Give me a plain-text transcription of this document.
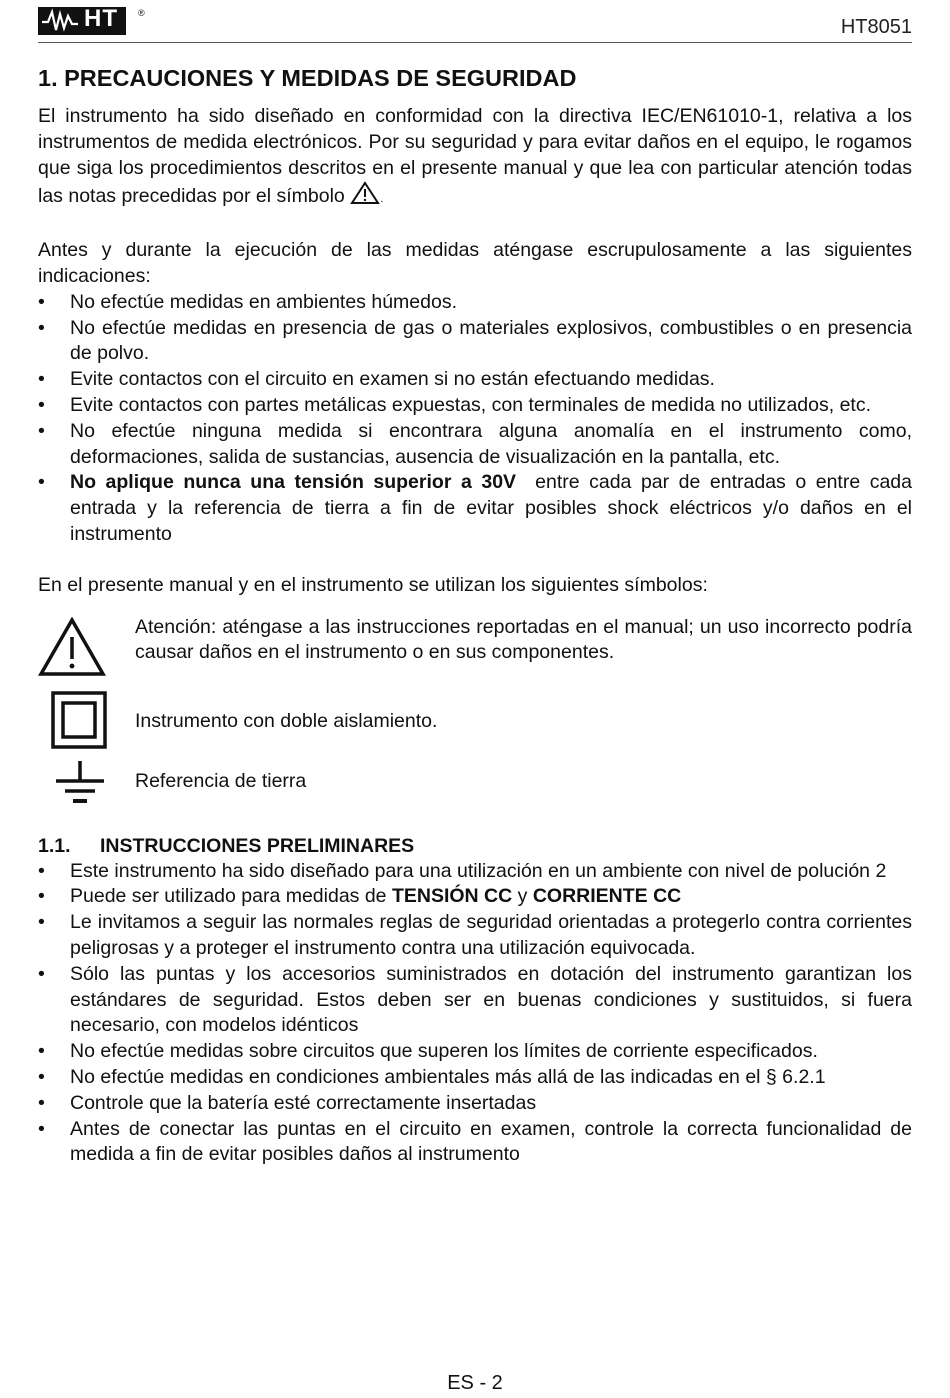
HT ®
HT8051
1. PRECAUCIONES Y MEDIDAS DE SEGURIDAD

El instrumento ha sido diseñado en conformidad con la directiva IEC/EN61010-1, relativa a los instrumentos de medida electrónicos. Por su seguridad y para evitar daños en el equipo, le rogamos que siga los procedimientos descritos en el presente manual y que lea con particular atención todas las notas precedidas por el símbolo	.

Antes y durante la ejecución de las medidas aténgase escrupulosamente a las siguientes indicaciones:

• No efectúe medidas en ambientes húmedos.
• No efectúe medidas en presencia de gas o materiales explosivos, combustibles o en presencia de polvo.
• Evite contactos con el circuito en examen si no están efectuando medidas.
• Evite contactos con partes metálicas expuestas, con terminales de medida no utilizados, etc.
• No efectúe ninguna medida si encontrara alguna anomalía en el instrumento como, deformaciones, salida de sustancias, ausencia de visualización en la pantalla, etc.
• No aplique nunca una tensión superior a 30V  entre cada par de entradas o entre cada entrada y la referencia de tierra a fin de evitar posibles shock eléctricos y/o daños en el instrumento

En el presente manual y en el instrumento se utilizan los siguientes símbolos:

Atención: aténgase a las instrucciones reportadas en el manual; un uso incorrecto podría causar daños en el instrumento o en sus componentes.

Instrumento con doble aislamiento.

Referencia de tierra

1.1. INSTRUCCIONES PRELIMINARES
• Este instrumento ha sido diseñado para una utilización en un ambiente con nivel de polución 2
• Puede ser utilizado para medidas de TENSIÓN CC y CORRIENTE CC
• Le invitamos a seguir las normales reglas de seguridad orientadas a protegerlo contra corrientes peligrosas y a proteger el instrumento contra una utilización equivocada.
• Sólo las puntas y los accesorios suministrados en dotación del instrumento garantizan los estándares de seguridad. Estos deben ser en buenas condiciones y sustituidos, si fuera necesario, con modelos idénticos
• No efectúe medidas sobre circuitos que superen los límites de corriente especificados.
• No efectúe medidas en condiciones ambientales más allá de las indicadas en el § 6.2.1
• Controle que la batería esté correctamente insertadas
• Antes de conectar las puntas en el circuito en examen, controle la correcta funcionalidad de medida a fin de evitar posibles daños al instrumento
ES - 2
